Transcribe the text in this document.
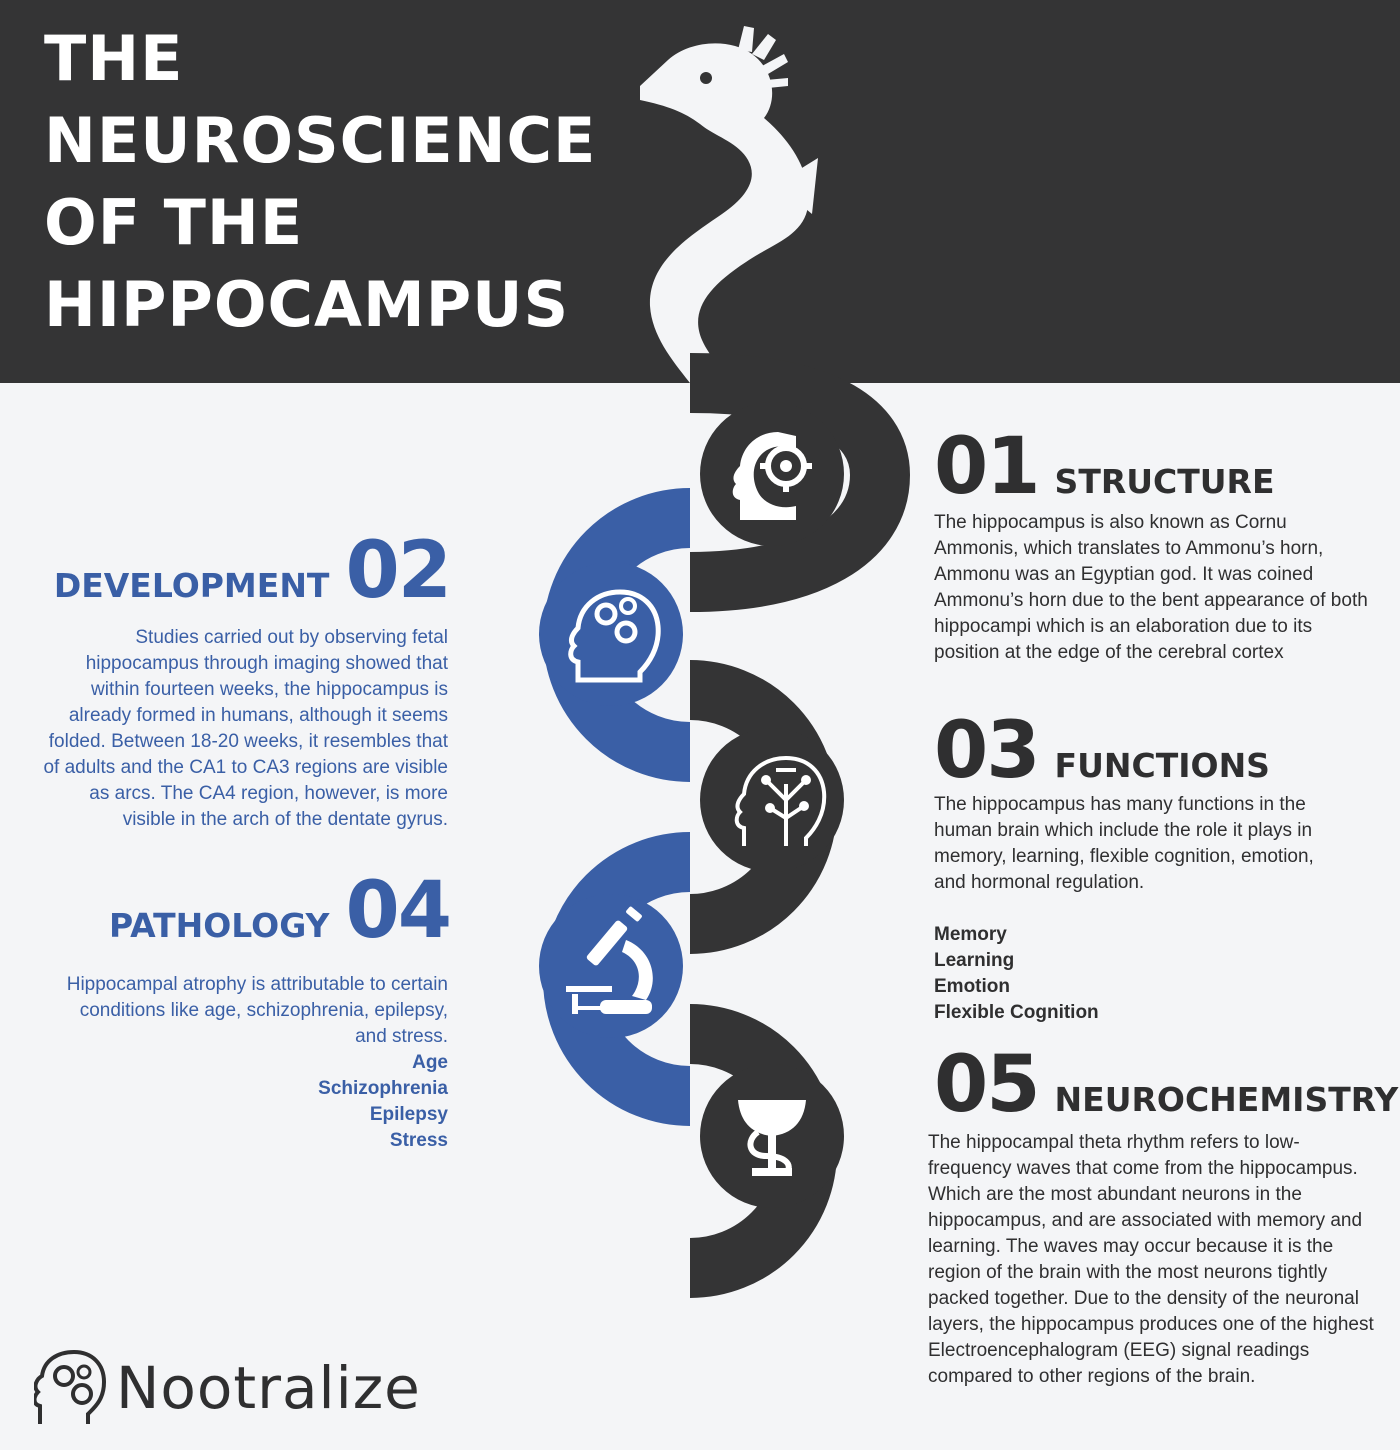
THE
NEUROSCIENCE
OF THE
HIPPOCAMPUS
01 STRUCTURE

The hippocampus is also known as Cornu Ammonis, which translates to Ammonu’s horn, Ammonu was an Egyptian god. It was coined Ammonu’s horn due to the bent appearance of both hippocampi which is an elaboration due to its position at the edge of the cerebral cortex

DEVELOPMENT 02

Studies carried out by observing fetal hippocampus through imaging showed that within fourteen weeks, the hippocampus is already formed in humans, although it seems folded. Between 18-20 weeks, it resembles that of adults and the CA1 to CA3 regions are visible as arcs. The CA4 region, however, is more visible in the arch of the dentate gyrus.

03 FUNCTIONS

The hippocampus has many functions in the human brain which include the role it plays in memory, learning, flexible cognition, emotion, and hormonal regulation.

Memory
Learning
Emotion
Flexible Cognition
PATHOLOGY 04

Hippocampal atrophy is attributable to certain conditions like age, schizophrenia, epilepsy, and stress.

Age
Schizophrenia
Epilepsy
Stress
05 NEUROCHEMISTRY

The hippocampal theta rhythm refers to low-frequency waves that come from the hippocampus. Which are the most abundant neurons in the hippocampus, and are associated with memory and learning. The waves may occur because it is the region of the brain with the most neurons tightly packed together. Due to the density of the neuronal layers, the hippocampus produces one of the highest Electroencephalogram (EEG) signal readings compared to other regions of the brain.

Nootralize
